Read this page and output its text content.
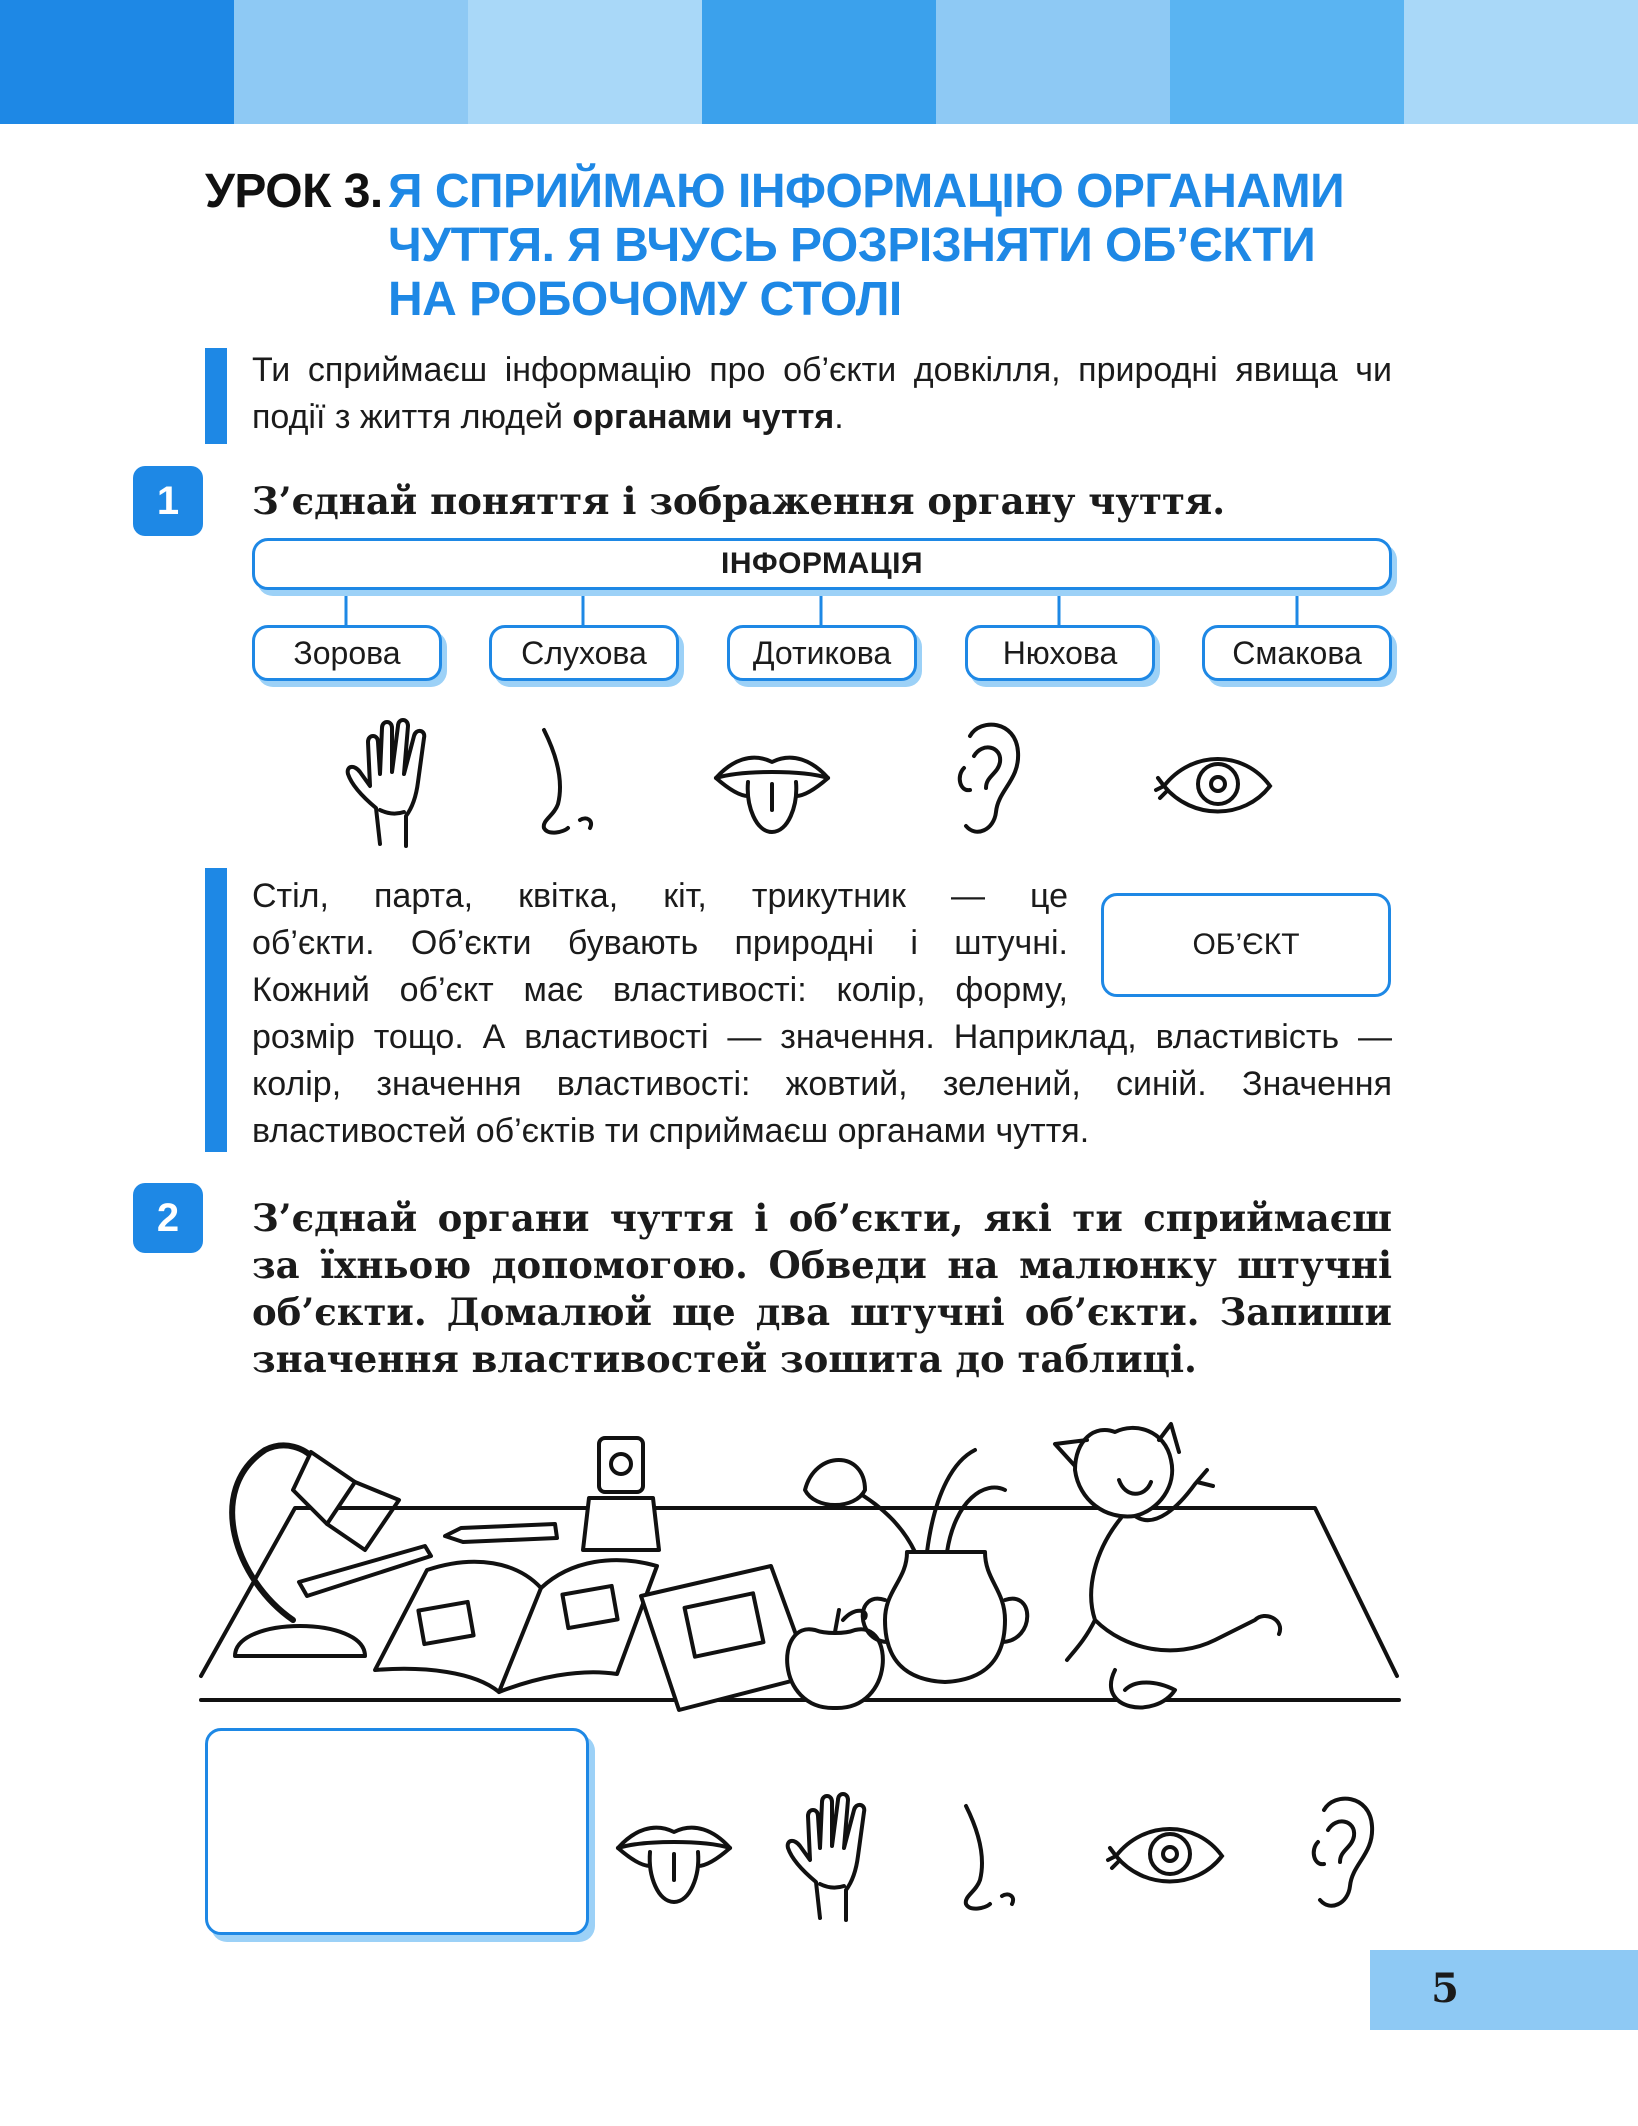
УРОК 3. Я СПРИЙМАЮ ІНФОРМАЦІЮ ОРГАНАМИ
ЧУТТЯ. Я ВЧУСЬ РОЗРІЗНЯТИ ОБ’ЄКТИ
НА РОБОЧОМУ СТОЛІ
Ти сприймаєш інформацію про об’єкти довкілля, природні явища чи події з життя людей органами чуття.
1	З’єднай поняття і зображення органу чуття.
ІНФОРМАЦІЯ
Зорова	Слухова	Дотикова	Нюхова	Смакова
Стіл, парта, квітка, кіт, трикутник — це
об’єкти. Об’єкти бувають природні і штучні.
Кожний об’єкт має властивості: колір, форму,
розмір тощо. А властивості — значення. Наприклад, властивість — колір, значення властивості: жовтий, зелений, синій. Значення властивостей об’єктів ти сприймаєш органами чуття.
ОБ’ЄКТ
2	З’єднай органи чуття і об’єкти, які ти сприймаєш за їхньою допомогою. Обведи на малюнку штучні об’єкти. Домалюй ще два штучні об’єкти. Запиши значення властивостей зошита до таблиці.
5
